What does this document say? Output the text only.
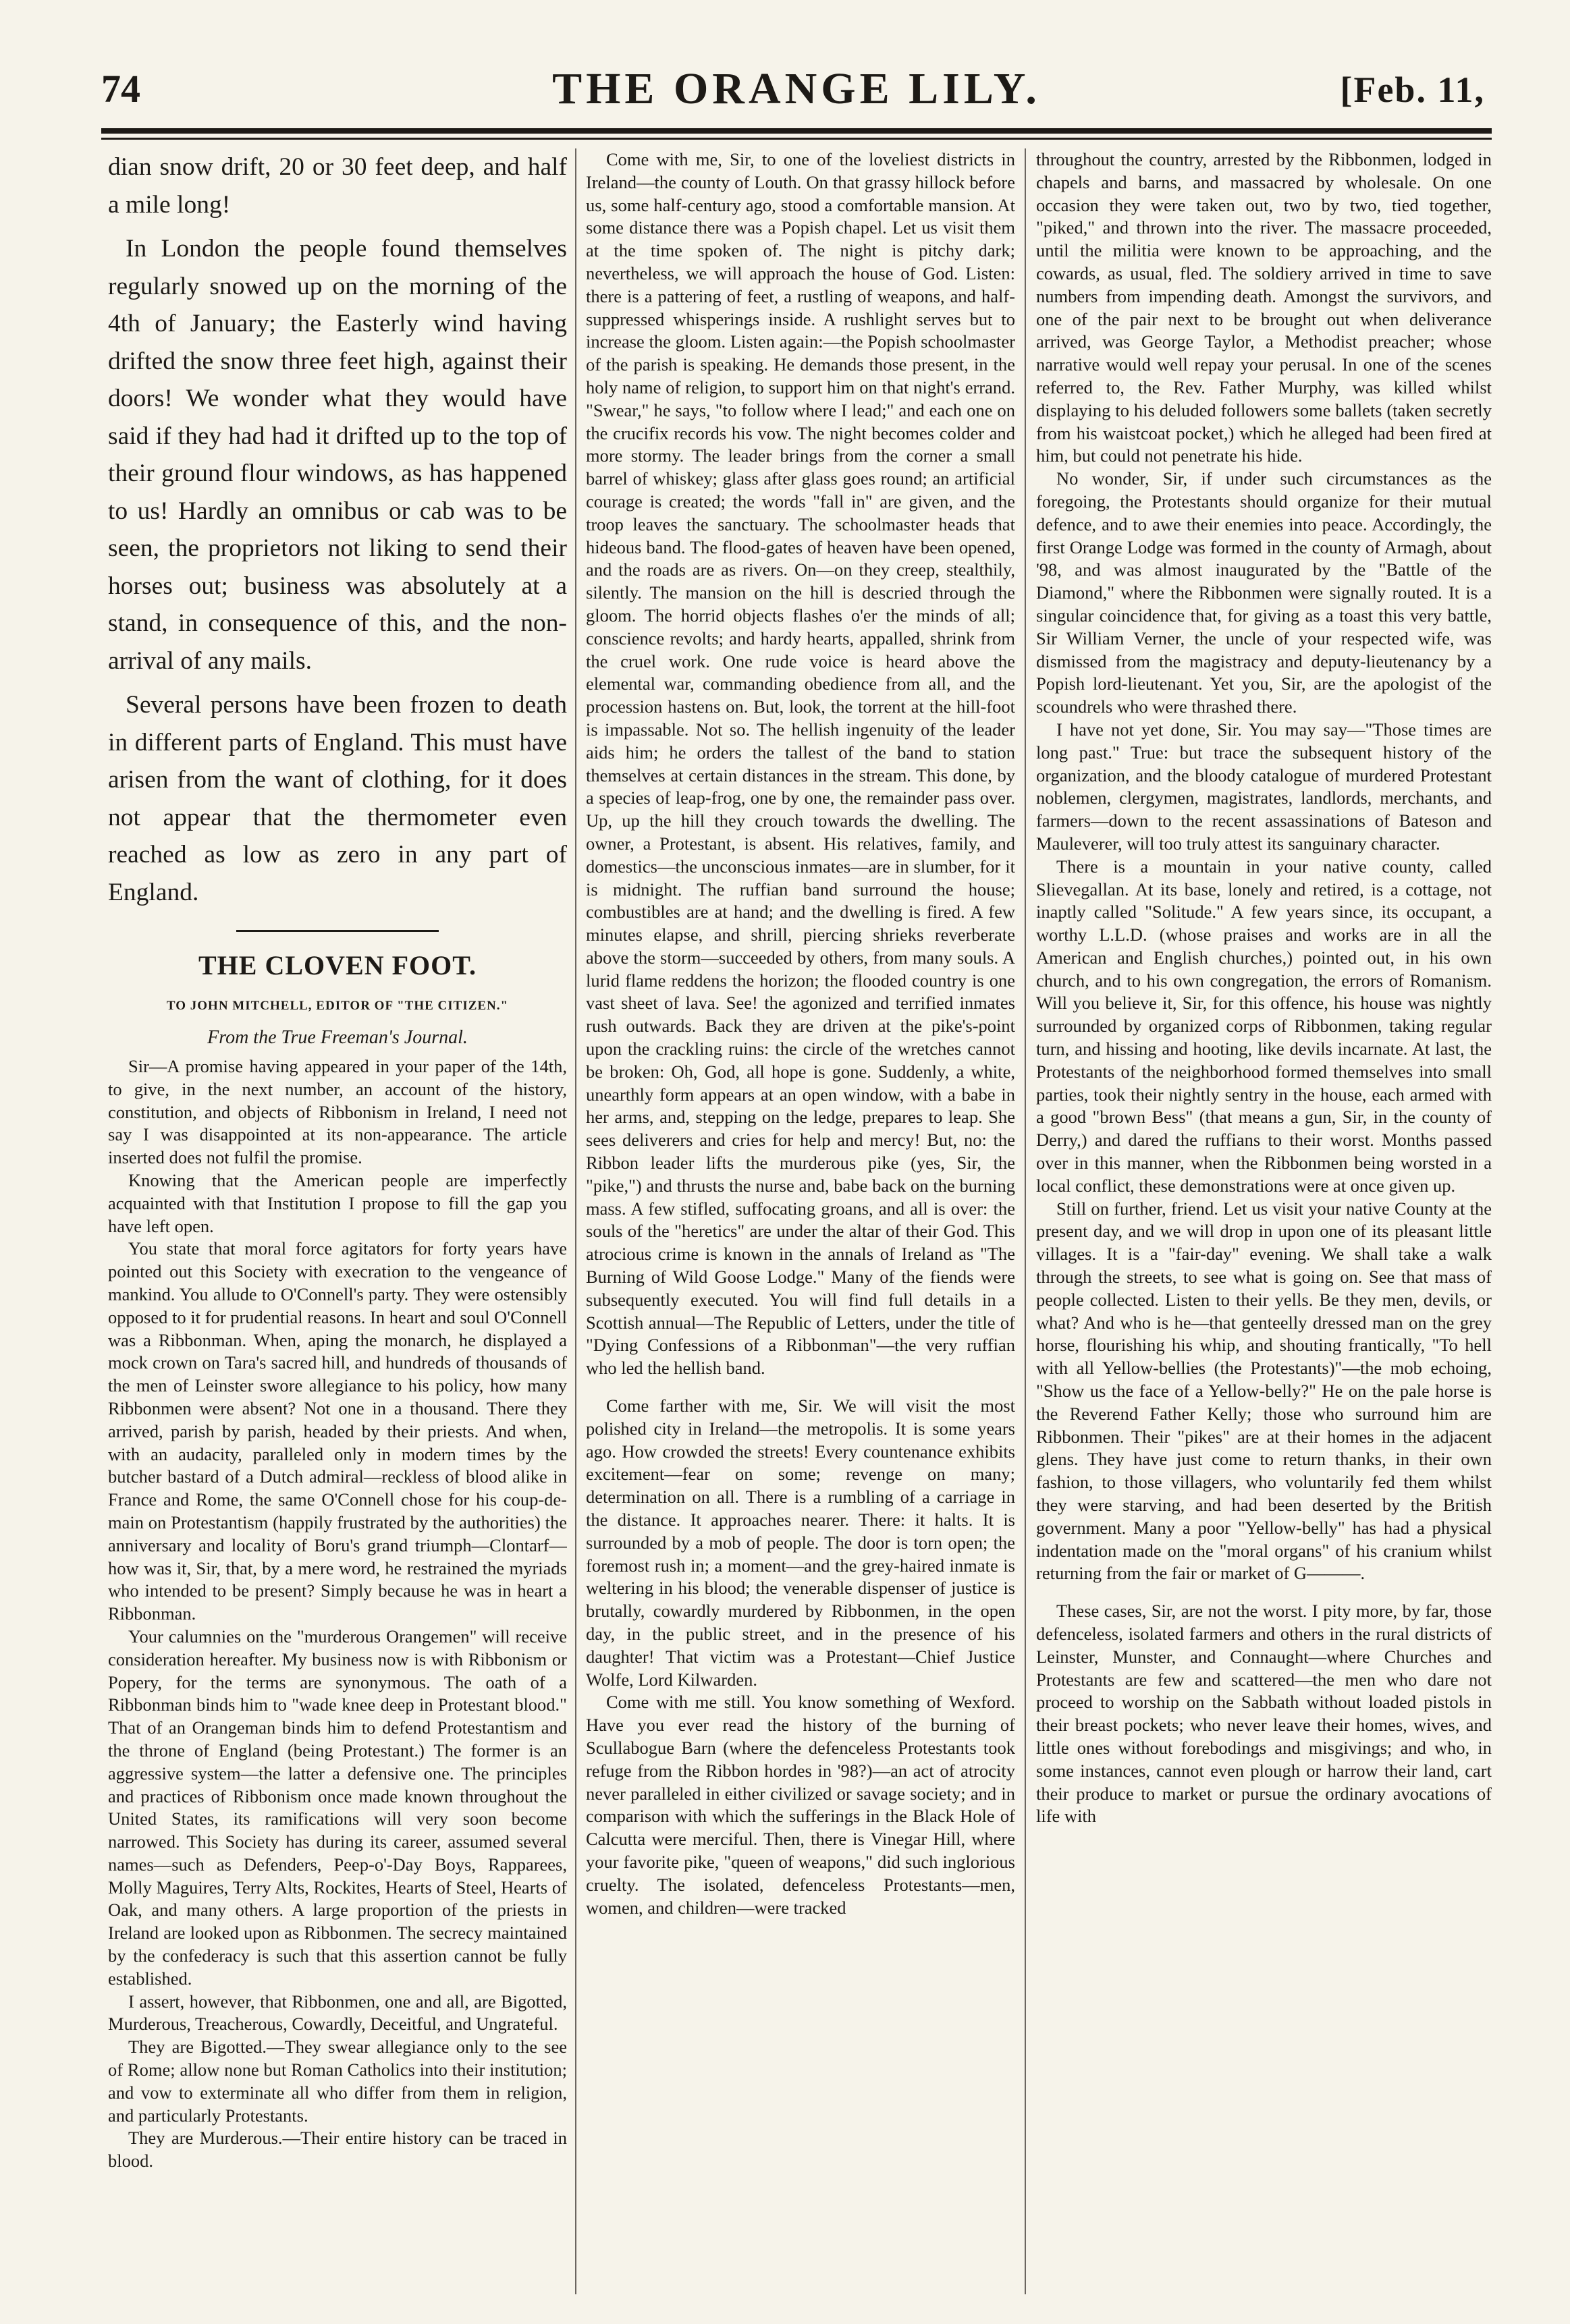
74	THE ORANGE LILY.	[Feb. 11,

dian snow drift, 20 or 30 feet deep, and half a mile long!

In London the people found themselves regularly snowed up on the morning of the 4th of January; the Easterly wind having drifted the snow three feet high, against their doors! We wonder what they would have said if they had had it drifted up to the top of their ground flour windows, as has happened to us! Hardly an omnibus or cab was to be seen, the proprietors not liking to send their horses out; business was absolutely at a stand, in consequence of this, and the non-arrival of any mails.

Several persons have been frozen to death in different parts of England. This must have arisen from the want of clothing, for it does not appear that the thermometer even reached as low as zero in any part of England.

THE CLOVEN FOOT.
TO JOHN MITCHELL, EDITOR OF "THE CITIZEN."
From the True Freeman's Journal.

Sir—A promise having appeared in your paper of the 14th, to give, in the next number, an account of the history, constitution, and objects of Ribbonism in Ireland, I need not say I was disappointed at its non-appearance. The article inserted does not fulfil the promise.

Knowing that the American people are imperfectly acquainted with that Institution I propose to fill the gap you have left open.

You state that moral force agitators for forty years have pointed out this Society with execration to the vengeance of mankind. You allude to O'Connell's party. They were ostensibly opposed to it for prudential reasons. In heart and soul O'Connell was a Ribbonman. When, aping the monarch, he displayed a mock crown on Tara's sacred hill, and hundreds of thousands of the men of Leinster swore allegiance to his policy, how many Ribbonmen were absent? Not one in a thousand. There they arrived, parish by parish, headed by their priests. And when, with an audacity, paralleled only in modern times by the butcher bastard of a Dutch admiral—reckless of blood alike in France and Rome, the same O'Connell chose for his coup-de-main on Protestantism (happily frustrated by the authorities) the anniversary and locality of Boru's grand triumph—Clontarf—how was it, Sir, that, by a mere word, he restrained the myriads who intended to be present? Simply because he was in heart a Ribbonman.

Your calumnies on the "murderous Orangemen" will receive consideration hereafter. My business now is with Ribbonism or Popery, for the terms are synonymous. The oath of a Ribbonman binds him to "wade knee deep in Protestant blood." That of an Orangeman binds him to defend Protestantism and the throne of England (being Protestant.) The former is an aggressive system—the latter a defensive one. The principles and practices of Ribbonism once made known throughout the United States, its ramifications will very soon become narrowed. This Society has during its career, assumed several names—such as Defenders, Peep-o'-Day Boys, Rapparees, Molly Maguires, Terry Alts, Rockites, Hearts of Steel, Hearts of Oak, and many others. A large proportion of the priests in Ireland are looked upon as Ribbonmen. The secrecy maintained by the confederacy is such that this assertion cannot be fully established.

I assert, however, that Ribbonmen, one and all, are Bigotted, Murderous, Treacherous, Cowardly, Deceitful, and Ungrateful.

They are Bigotted.—They swear allegiance only to the see of Rome; allow none but Roman Catholics into their institution; and vow to exterminate all who differ from them in religion, and particularly Protestants.

They are Murderous.—Their entire history can be traced in blood.

Come with me, Sir, to one of the loveliest districts in Ireland—the county of Louth. On that grassy hillock before us, some half-century ago, stood a comfortable mansion. At some distance there was a Popish chapel. Let us visit them at the time spoken of. The night is pitchy dark; nevertheless, we will approach the house of God. Listen: there is a pattering of feet, a rustling of weapons, and half-suppressed whisperings inside. A rushlight serves but to increase the gloom. Listen again:—the Popish schoolmaster of the parish is speaking. He demands those present, in the holy name of religion, to support him on that night's errand. "Swear," he says, "to follow where I lead;" and each one on the crucifix records his vow. The night becomes colder and more stormy. The leader brings from the corner a small barrel of whiskey; glass after glass goes round; an artificial courage is created; the words "fall in" are given, and the troop leaves the sanctuary. The schoolmaster heads that hideous band. The flood-gates of heaven have been opened, and the roads are as rivers. On—on they creep, stealthily, silently. The mansion on the hill is descried through the gloom. The horrid objects flashes o'er the minds of all; conscience revolts; and hardy hearts, appalled, shrink from the cruel work. One rude voice is heard above the elemental war, commanding obedience from all, and the procession hastens on. But, look, the torrent at the hill-foot is impassable. Not so. The hellish ingenuity of the leader aids him; he orders the tallest of the band to station themselves at certain distances in the stream. This done, by a species of leap-frog, one by one, the remainder pass over. Up, up the hill they crouch towards the dwelling. The owner, a Protestant, is absent. His relatives, family, and domestics—the unconscious inmates—are in slumber, for it is midnight. The ruffian band surround the house; combustibles are at hand; and the dwelling is fired. A few minutes elapse, and shrill, piercing shrieks reverberate above the storm—succeeded by others, from many souls. A lurid flame reddens the horizon; the flooded country is one vast sheet of lava. See! the agonized and terrified inmates rush outwards. Back they are driven at the pike's-point upon the crackling ruins: the circle of the wretches cannot be broken: Oh, God, all hope is gone. Suddenly, a white, unearthly form appears at an open window, with a babe in her arms, and, stepping on the ledge, prepares to leap. She sees deliverers and cries for help and mercy! But, no: the Ribbon leader lifts the murderous pike (yes, Sir, the "pike,") and thrusts the nurse and, babe back on the burning mass. A few stifled, suffocating groans, and all is over: the souls of the "heretics" are under the altar of their God. This atrocious crime is known in the annals of Ireland as "The Burning of Wild Goose Lodge." Many of the fiends were subsequently executed. You will find full details in a Scottish annual—The Republic of Letters, under the title of "Dying Confessions of a Ribbonman"—the very ruffian who led the hellish band.

Come farther with me, Sir. We will visit the most polished city in Ireland—the metropolis. It is some years ago. How crowded the streets! Every countenance exhibits excitement—fear on some; revenge on many; determination on all. There is a rumbling of a carriage in the distance. It approaches nearer. There: it halts. It is surrounded by a mob of people. The door is torn open; the foremost rush in; a moment—and the grey-haired inmate is weltering in his blood; the venerable dispenser of justice is brutally, cowardly murdered by Ribbonmen, in the open day, in the public street, and in the presence of his daughter! That victim was a Protestant—Chief Justice Wolfe, Lord Kilwarden.

Come with me still. You know something of Wexford. Have you ever read the history of the burning of Scullabogue Barn (where the defenceless Protestants took refuge from the Ribbon hordes in '98?)—an act of atrocity never paralleled in either civilized or savage society; and in comparison with which the sufferings in the Black Hole of Calcutta were merciful. Then, there is Vinegar Hill, where your favorite pike, "queen of weapons," did such inglorious cruelty. The isolated, defenceless Protestants—men, women, and children—were tracked

throughout the country, arrested by the Ribbonmen, lodged in chapels and barns, and massacred by wholesale. On one occasion they were taken out, two by two, tied together, "piked," and thrown into the river. The massacre proceeded, until the militia were known to be approaching, and the cowards, as usual, fled. The soldiery arrived in time to save numbers from impending death. Amongst the survivors, and one of the pair next to be brought out when deliverance arrived, was George Taylor, a Methodist preacher; whose narrative would well repay your perusal. In one of the scenes referred to, the Rev. Father Murphy, was killed whilst displaying to his deluded followers some ballets (taken secretly from his waistcoat pocket,) which he alleged had been fired at him, but could not penetrate his hide.

No wonder, Sir, if under such circumstances as the foregoing, the Protestants should organize for their mutual defence, and to awe their enemies into peace. Accordingly, the first Orange Lodge was formed in the county of Armagh, about '98, and was almost inaugurated by the "Battle of the Diamond," where the Ribbonmen were signally routed. It is a singular coincidence that, for giving as a toast this very battle, Sir William Verner, the uncle of your respected wife, was dismissed from the magistracy and deputy-lieutenancy by a Popish lord-lieutenant. Yet you, Sir, are the apologist of the scoundrels who were thrashed there.

I have not yet done, Sir. You may say—"Those times are long past." True: but trace the subsequent history of the organization, and the bloody catalogue of murdered Protestant noblemen, clergymen, magistrates, landlords, merchants, and farmers—down to the recent assassinations of Bateson and Mauleverer, will too truly attest its sanguinary character.

There is a mountain in your native county, called Slievegallan. At its base, lonely and retired, is a cottage, not inaptly called "Solitude." A few years since, its occupant, a worthy L.L.D. (whose praises and works are in all the American and English churches,) pointed out, in his own church, and to his own congregation, the errors of Romanism. Will you believe it, Sir, for this offence, his house was nightly surrounded by organized corps of Ribbonmen, taking regular turn, and hissing and hooting, like devils incarnate. At last, the Protestants of the neighborhood formed themselves into small parties, took their nightly sentry in the house, each armed with a good "brown Bess" (that means a gun, Sir, in the county of Derry,) and dared the ruffians to their worst. Months passed over in this manner, when the Ribbonmen being worsted in a local conflict, these demonstrations were at once given up.

Still on further, friend. Let us visit your native County at the present day, and we will drop in upon one of its pleasant little villages. It is a "fair-day" evening. We shall take a walk through the streets, to see what is going on. See that mass of people collected. Listen to their yells. Be they men, devils, or what? And who is he—that genteelly dressed man on the grey horse, flourishing his whip, and shouting frantically, "To hell with all Yellow-bellies (the Protestants)"—the mob echoing, "Show us the face of a Yellow-belly?" He on the pale horse is the Reverend Father Kelly; those who surround him are Ribbonmen. Their "pikes" are at their homes in the adjacent glens. They have just come to return thanks, in their own fashion, to those villagers, who voluntarily fed them whilst they were starving, and had been deserted by the British government. Many a poor "Yellow-belly" has had a physical indentation made on the "moral organs" of his cranium whilst returning from the fair or market of G———.

These cases, Sir, are not the worst. I pity more, by far, those defenceless, isolated farmers and others in the rural districts of Leinster, Munster, and Connaught—where Churches and Protestants are few and scattered—the men who dare not proceed to worship on the Sabbath without loaded pistols in their breast pockets; who never leave their homes, wives, and little ones without forebodings and misgivings; and who, in some instances, cannot even plough or harrow their land, cart their produce to market or pursue the ordinary avocations of life with
